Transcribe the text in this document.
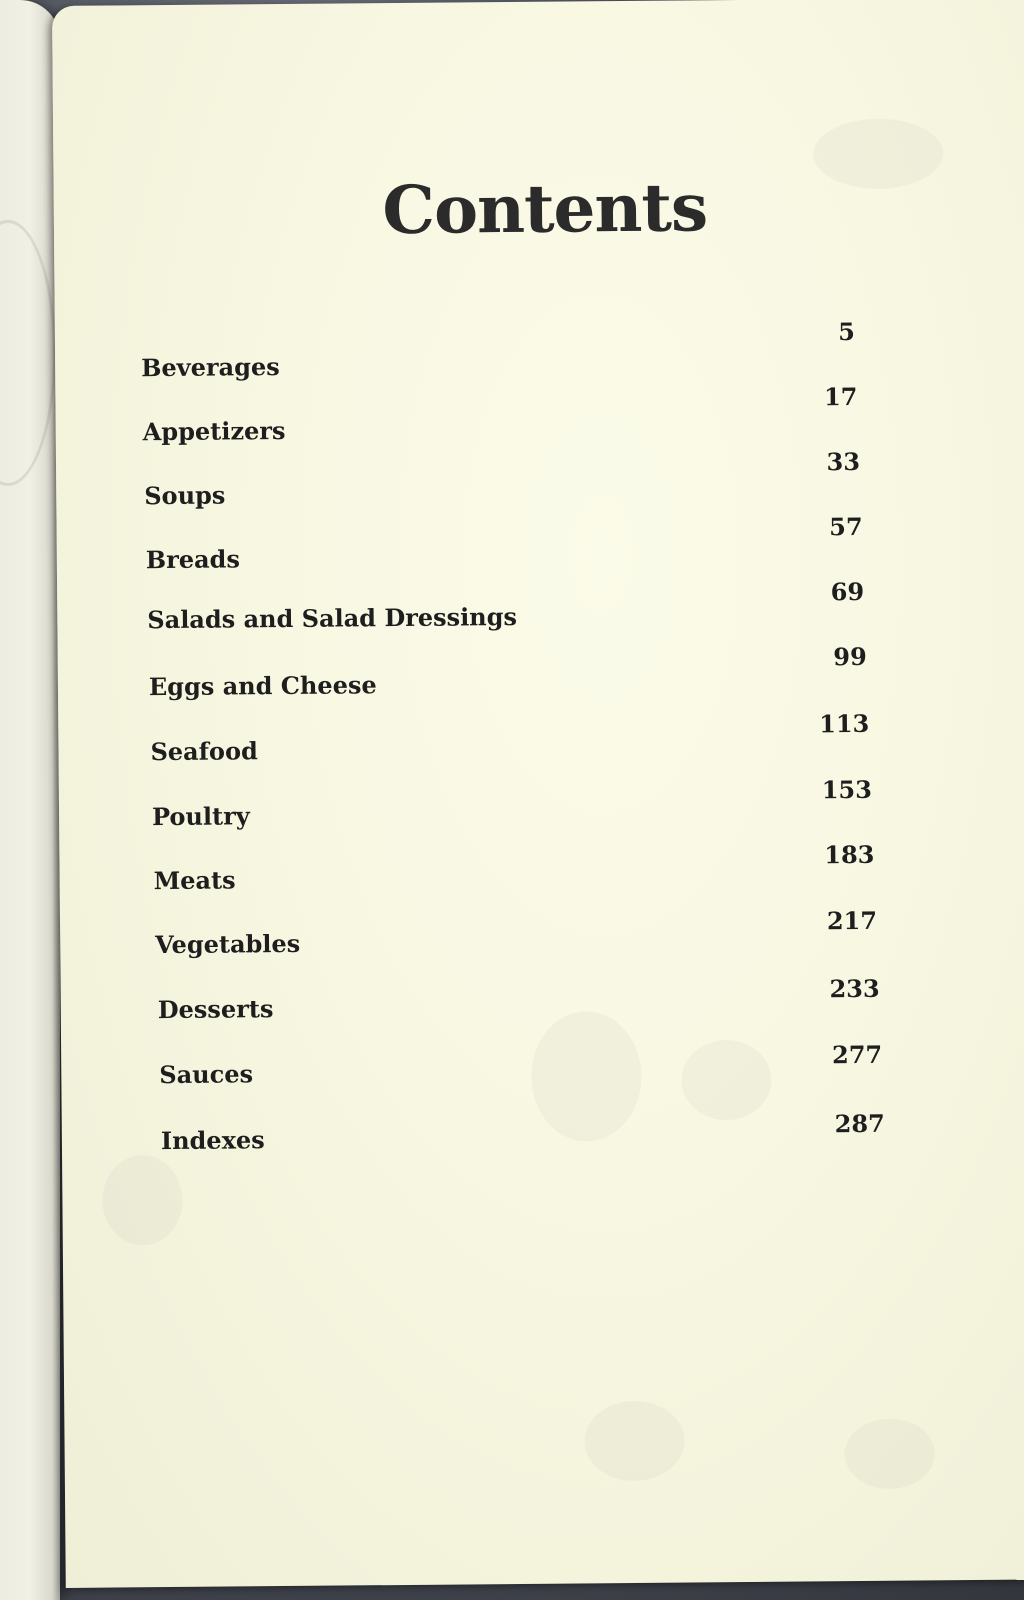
Contents
Beverages
5
Appetizers
17
Soups
33
Breads
57
Salads and Salad Dressings
69
Eggs and Cheese
99
Seafood
113
Poultry
153
Meats
183
Vegetables
217
Desserts
233
Sauces
277
Indexes
287
